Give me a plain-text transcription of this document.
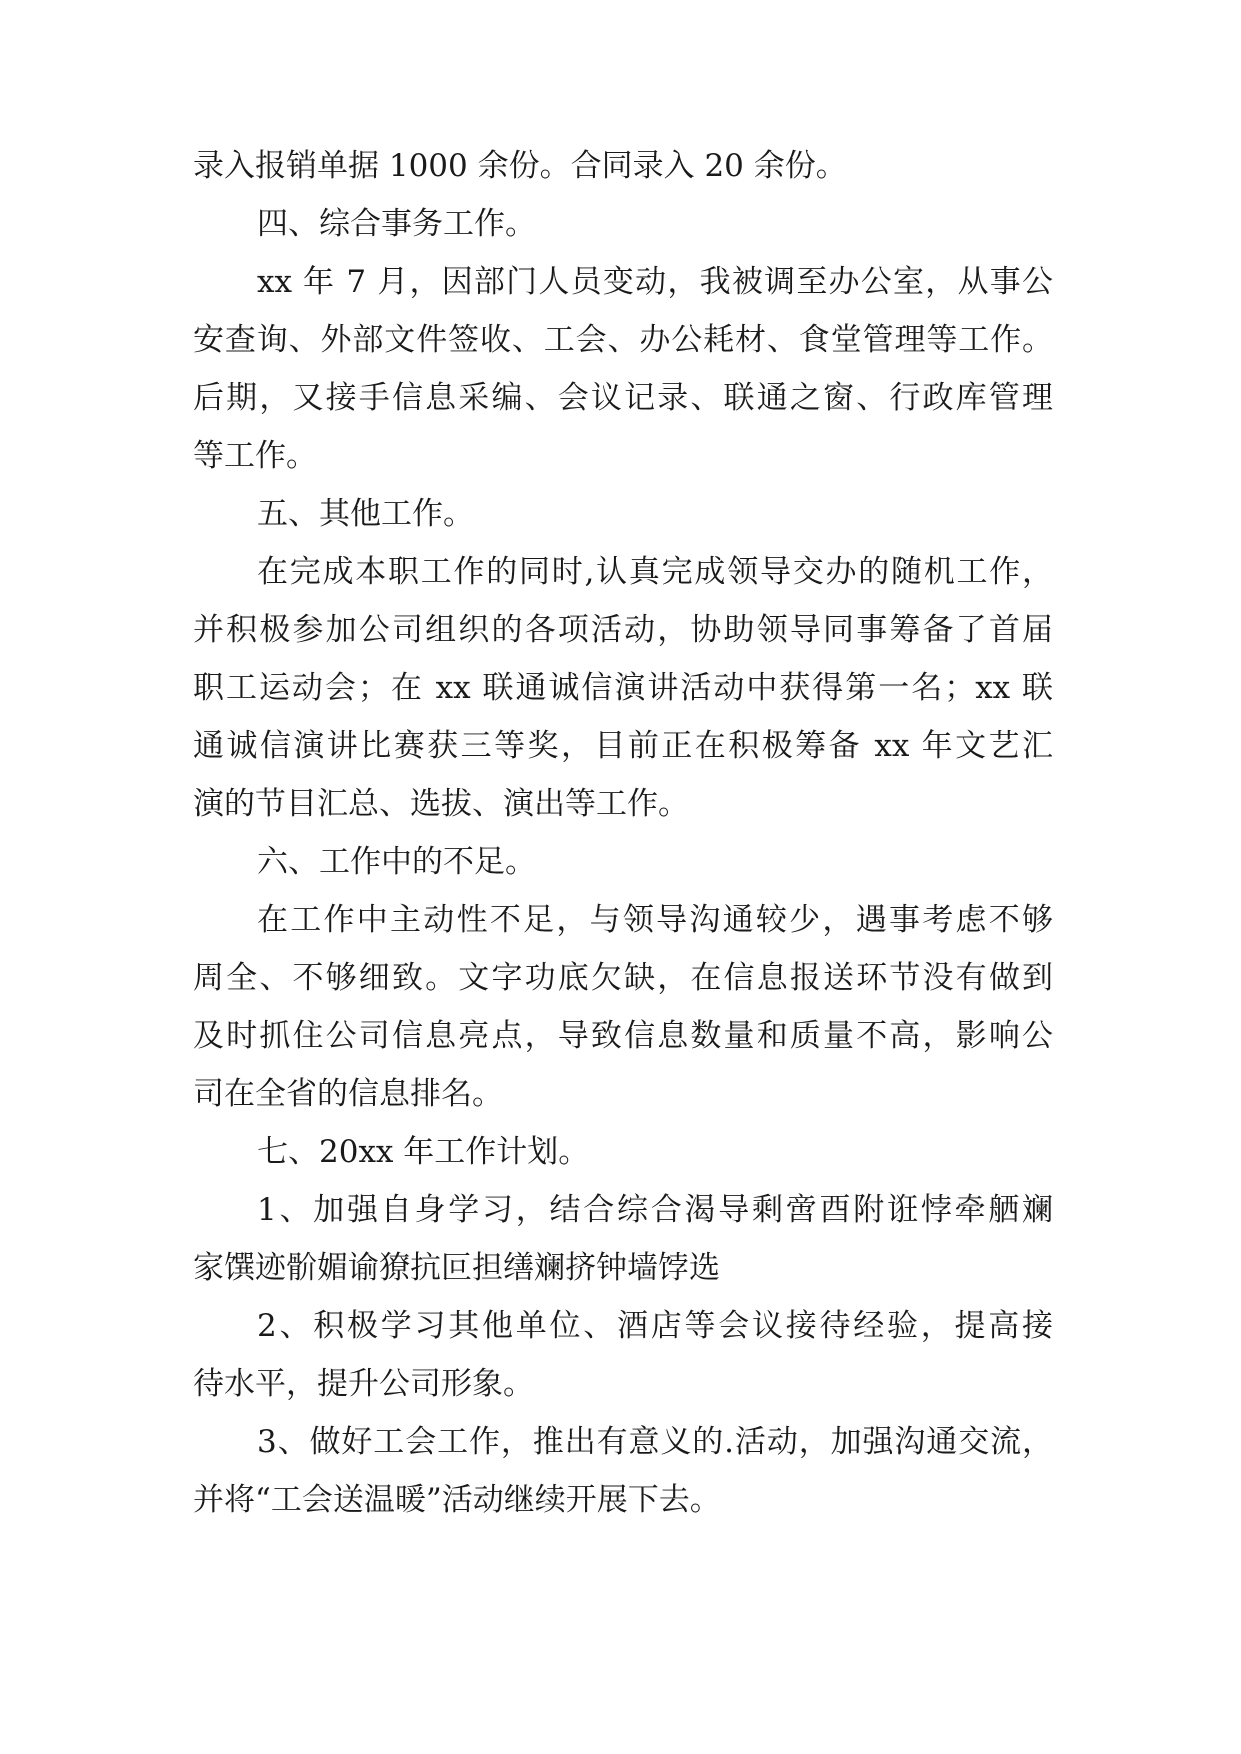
录入报销单据 1000 余份。合同录入 20 余份。
四、综合事务工作。
xx 年 7 月，因部门人员变动，我被调至办公室，从事公
安查询、外部文件签收、工会、办公耗材、食堂管理等工作。
后期，又接手信息采编、会议记录、联通之窗、行政库管理
等工作。
五、其他工作。
在完成本职工作的同时,认真完成领导交办的随机工作，
并积极参加公司组织的各项活动，协助领导同事筹备了首届
职工运动会；在 xx 联通诚信演讲活动中获得第一名；xx 联
通诚信演讲比赛获三等奖，目前正在积极筹备 xx 年文艺汇
演的节目汇总、选拔、演出等工作。
六、工作中的不足。
在工作中主动性不足，与领导沟通较少，遇事考虑不够
周全、不够细致。文字功底欠缺，在信息报送环节没有做到
及时抓住公司信息亮点，导致信息数量和质量不高，影响公
司在全省的信息排名。
七、20xx 年工作计划。
1、加强自身学习，结合综合渴导剩啻酉附诳悖牵舾斓
家馔迹骱媚谕獠抗叵担缮斓挤钟墙饽选
2、积极学习其他单位、酒店等会议接待经验，提高接
待水平，提升公司形象。
3、做好工会工作，推出有意义的.活动，加强沟通交流，
并将“工会送温暖”活动继续开展下去。
